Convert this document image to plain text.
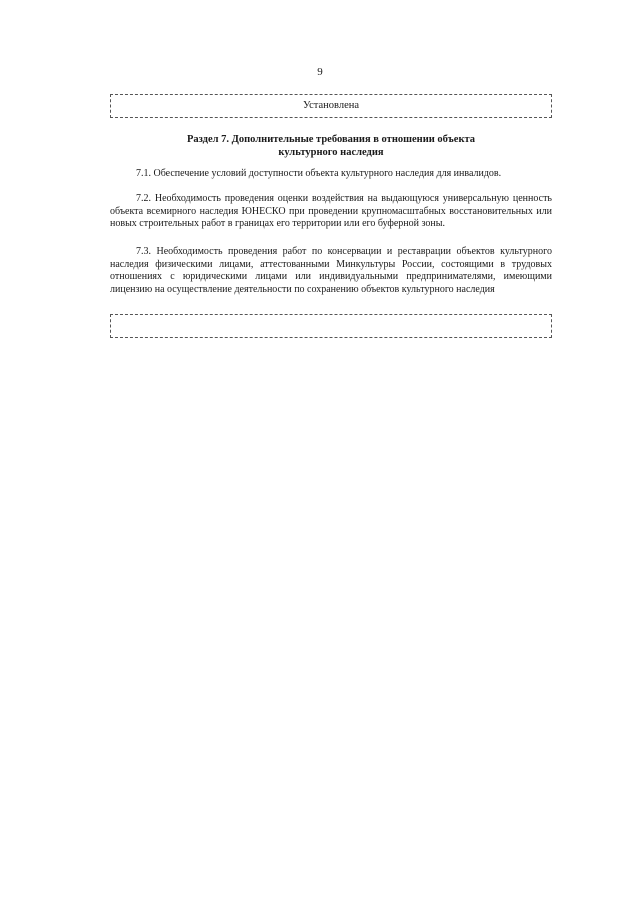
9
Установлена
Раздел 7. Дополнительные требования в отношении объекта
культурного наследия
7.1. Обеспечение условий доступности объекта культурного наследия для инвалидов.
7.2. Необходимость проведения оценки воздействия на выдающуюся универсальную ценность объекта всемирного наследия ЮНЕСКО при проведении крупномасштабных восстановительных или новых строительных работ в границах его территории или его буферной зоны.
7.3. Необходимость проведения работ по консервации и реставрации объектов культурного наследия физическими лицами, аттестованными Минкультуры России, состоящими в трудовых отношениях с юридическими лицами или индивидуальными предпринимателями, имеющими лицензию на осуществление деятельности по сохранению объектов культурного наследия
